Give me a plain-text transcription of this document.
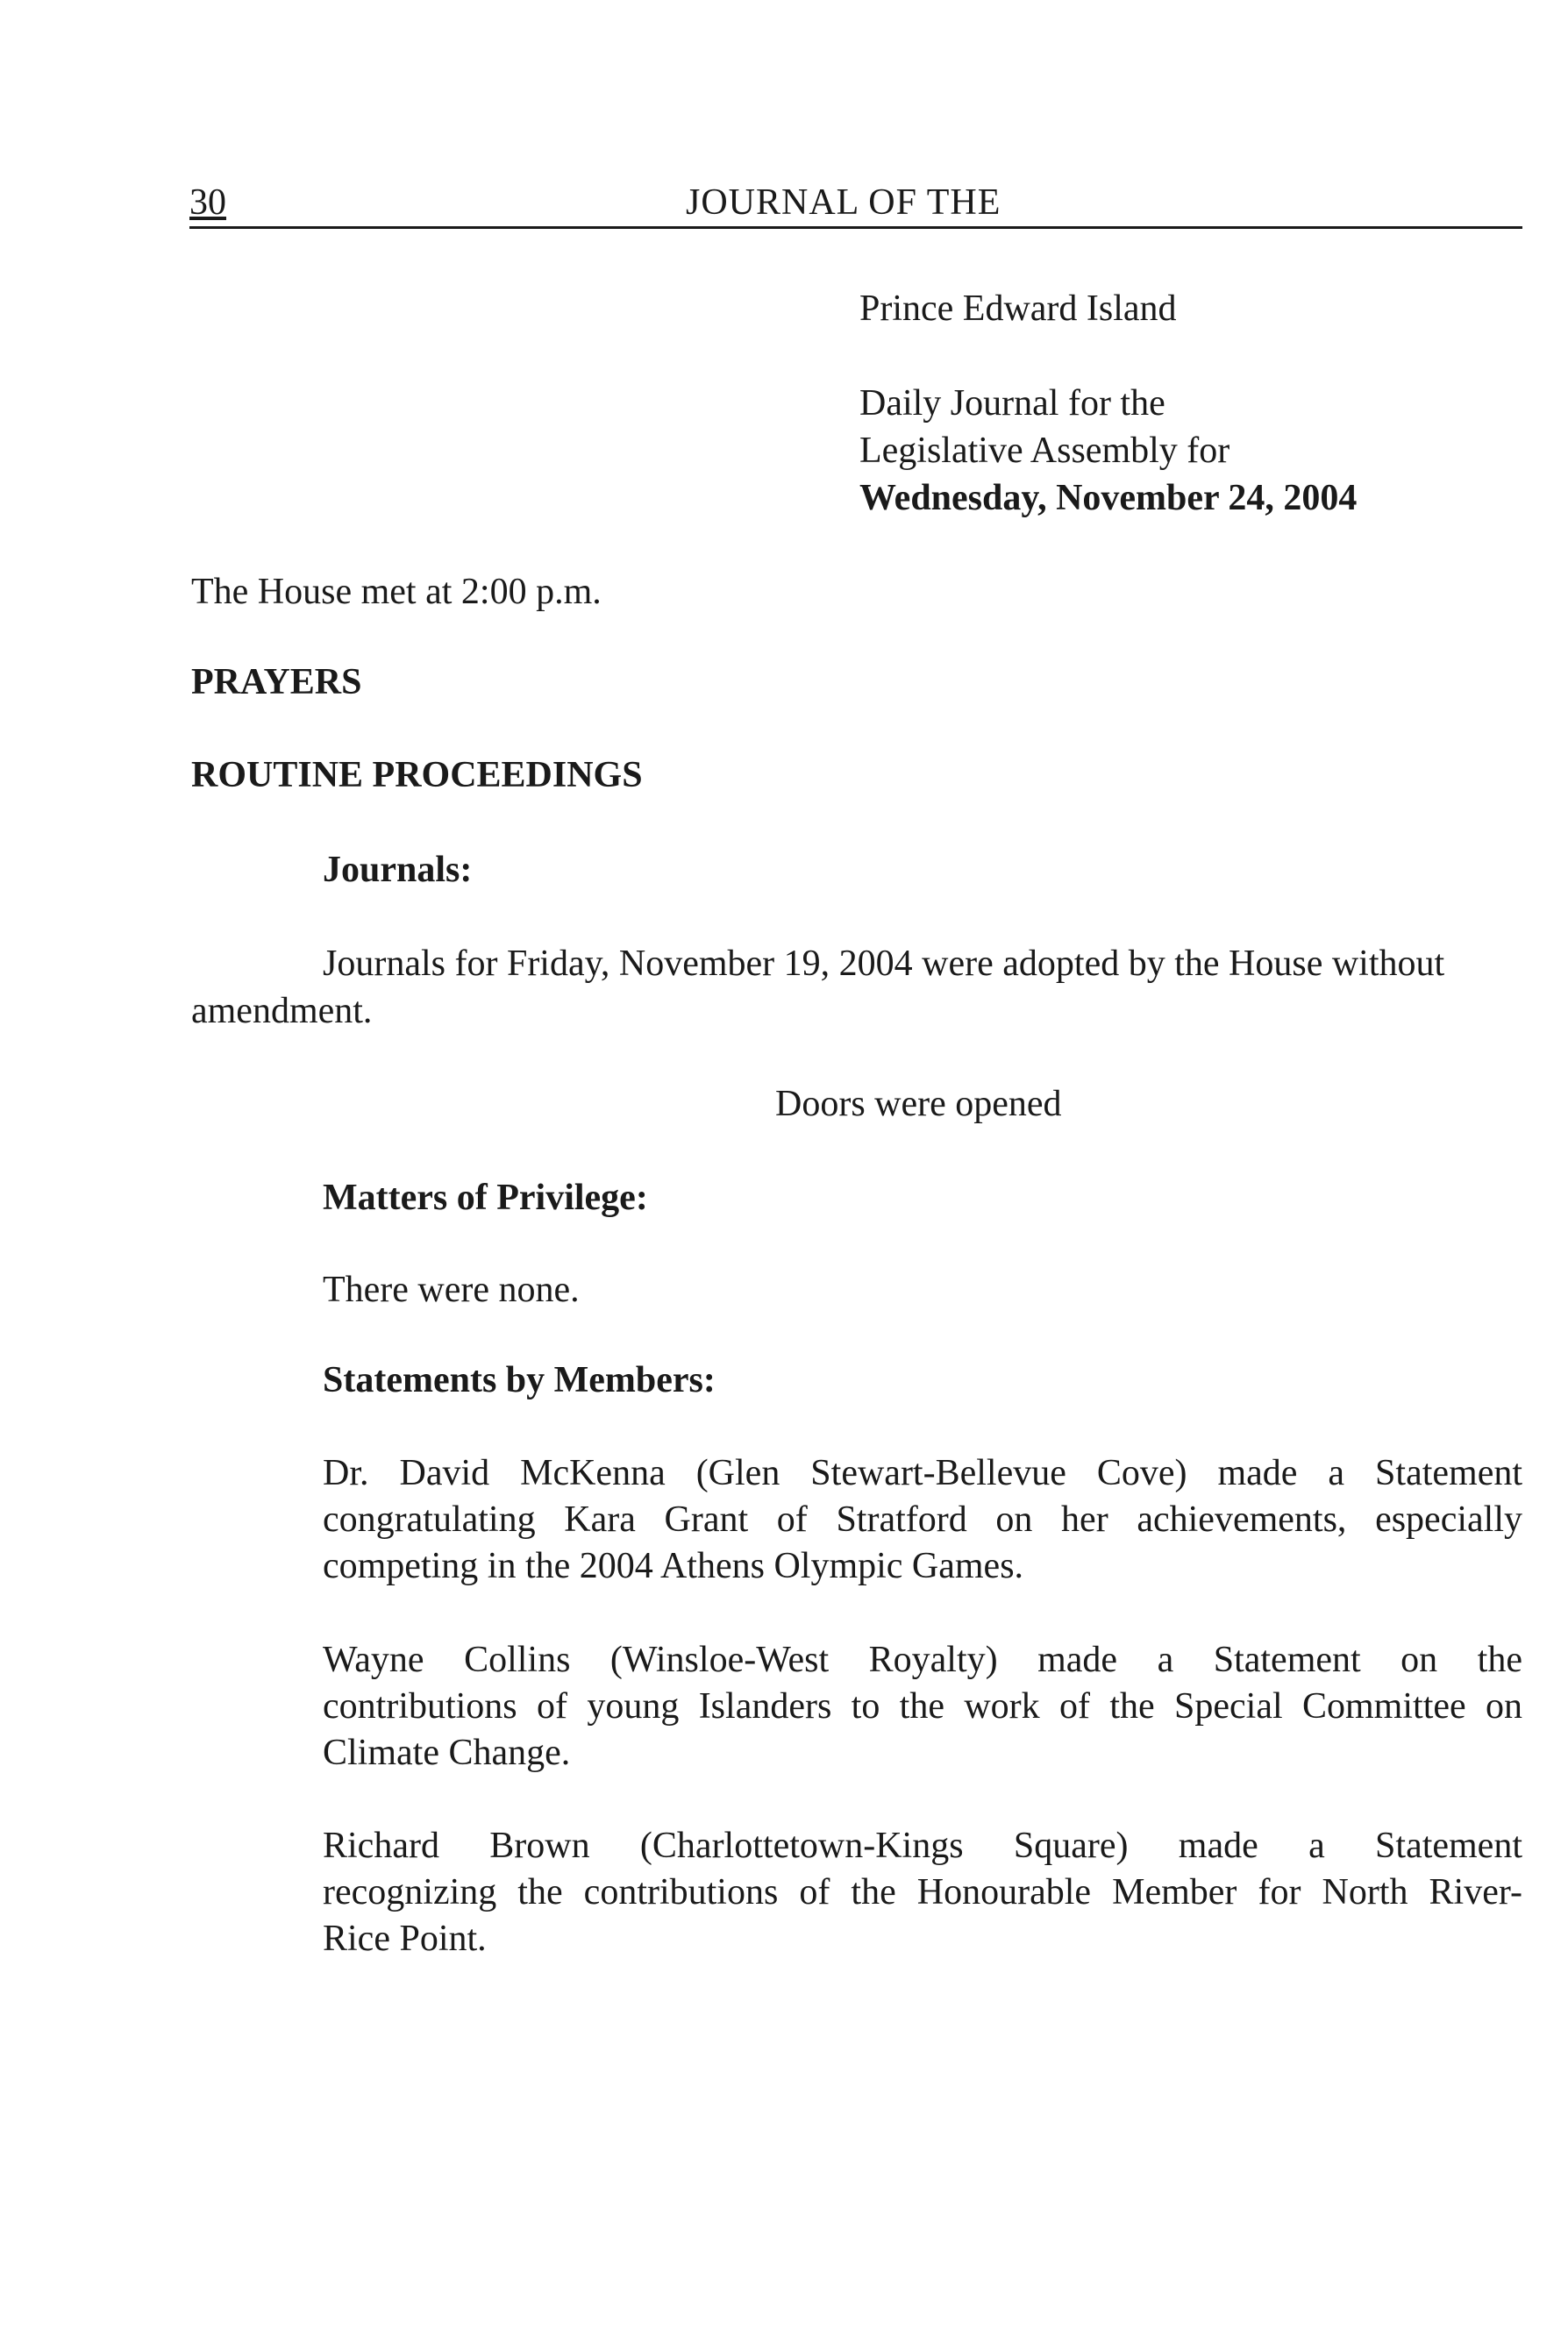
30	JOURNAL OF THE
Prince Edward Island
Daily Journal for the
Legislative Assembly for
Wednesday, November 24, 2004
The House met at 2:00 p.m.
PRAYERS
ROUTINE PROCEEDINGS
Journals:
Journals for Friday, November 19, 2004 were adopted by the House without
amendment.
Doors were opened
Matters of Privilege:
There were none.
Statements by Members:
Dr. David McKenna (Glen Stewart-Bellevue Cove) made a Statement
congratulating Kara Grant of Stratford on her achievements, especially
competing in the 2004 Athens Olympic Games.
Wayne Collins (Winsloe-West Royalty) made a Statement on the
contributions of young Islanders to the work of the Special Committee on
Climate Change.
Richard Brown (Charlottetown-Kings Square) made a Statement
recognizing the contributions of the Honourable Member for North River-
Rice Point.
